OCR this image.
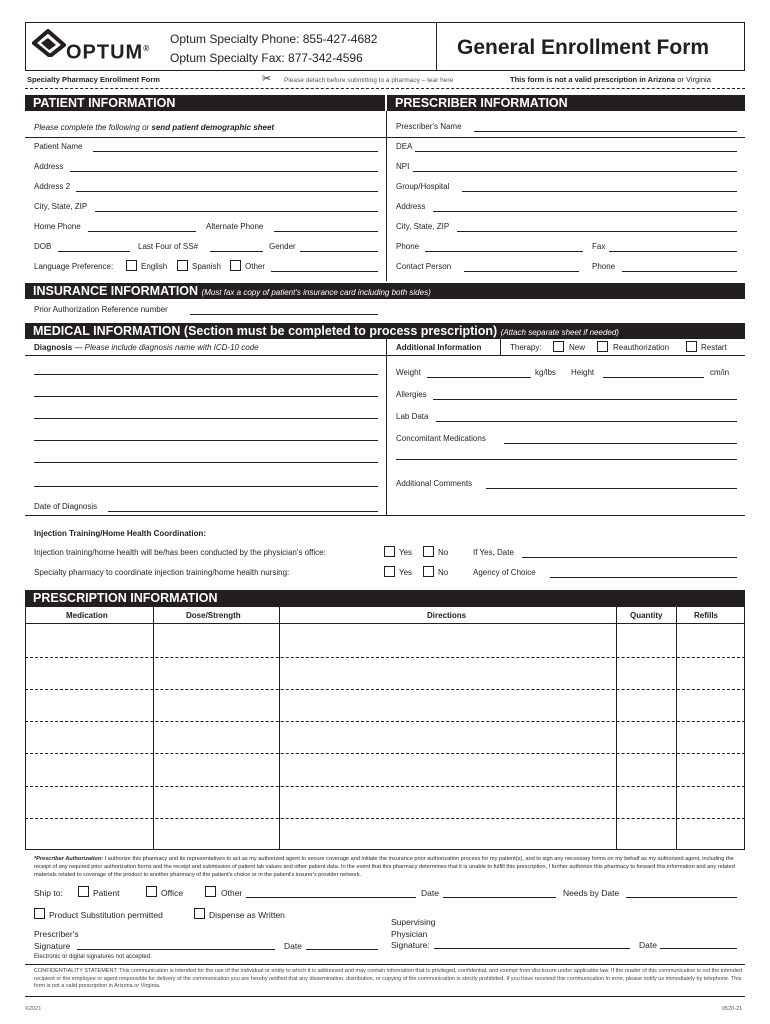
OPTUM®
Optum Specialty Phone: 855-427-4682
Optum Specialty Fax: 877-342-4596	General Enrollment Form
Specialty Pharmacy Enrollment Form	✂ Please detach before submitting to a pharmacy – tear here	This form is not a valid prescription in Arizona or Virginia
PATIENT INFORMATION	PRESCRIBER INFORMATION
Please complete the following or send patient demographic sheet
Patient Name
Address
Address 2
City, State, ZIP
Home Phone	Alternate Phone
DOB	Last Four of SS#	Gender
Language Preference:	English	Spanish	Other
Prescriber's Name
DEA
NPI
Group/Hospital
Address
City, State, ZIP
Phone	Fax
Contact Person	Phone
INSURANCE INFORMATION (Must fax a copy of patient's insurance card including both sides)
Prior Authorization Reference number
MEDICAL INFORMATION (Section must be completed to process prescription) (Attach separate sheet if needed)
Diagnosis — Please include diagnosis name with ICD-10 code	Additional Information	Therapy:	New	Reauthorization	Restart
Date of Diagnosis
Weight	kg/lbs Height	cm/in
Allergies
Lab Data
Concomitant Medications
Additional Comments
Injection Training/Home Health Coordination:
Injection training/home health will be/has been conducted by the physician's office:	Yes	No	If Yes, Date
Specialty pharmacy to coordinate injection training/home health nursing:	Yes	No	Agency of Choice
PRESCRIPTION INFORMATION
Medication	Dose/Strength	Directions	Quantity	Refills
*Prescriber Authorization: I authorize this pharmacy and its representatives to act as my authorized agent to secure coverage and initiate the insurance prior authorization process for my patient(s), and to sign any necessary forms on my behalf as my authorized agent, including the receipt of any required prior authorization forms and the receipt and submission of patient lab values and other patient data. In the event that this pharmacy determines that it is unable to fulfill this prescription, I further authorize this pharmacy to forward this information and any related materials related to coverage of the product to another pharmacy of the patient's choice or in the patient's insurer's provider network.
Ship to:	Patient	Office	Other	Date	Needs by Date
Product Substitution permitted	Dispense as Written
Prescriber's
Signature	Date
Electronic or digital signatures not accepted.
Supervising
Physician
Signature:	Date
CONFIDENTIALITY STATEMENT: This communication is intended for the use of the individual or entity to which it is addressed and may contain information that is privileged, confidential, and exempt from disclosure under applicable law. If the reader of this communication is not the intended recipient or the employee or agent responsible for delivery of the communication you are hereby notified that any dissemination, distribution, or copying of the communication is strictly prohibited. If you have received this communication in error, please notify us immediately by telephone. This form is not a valid prescription in Arizona or Virginia.
©2021	0520-21
